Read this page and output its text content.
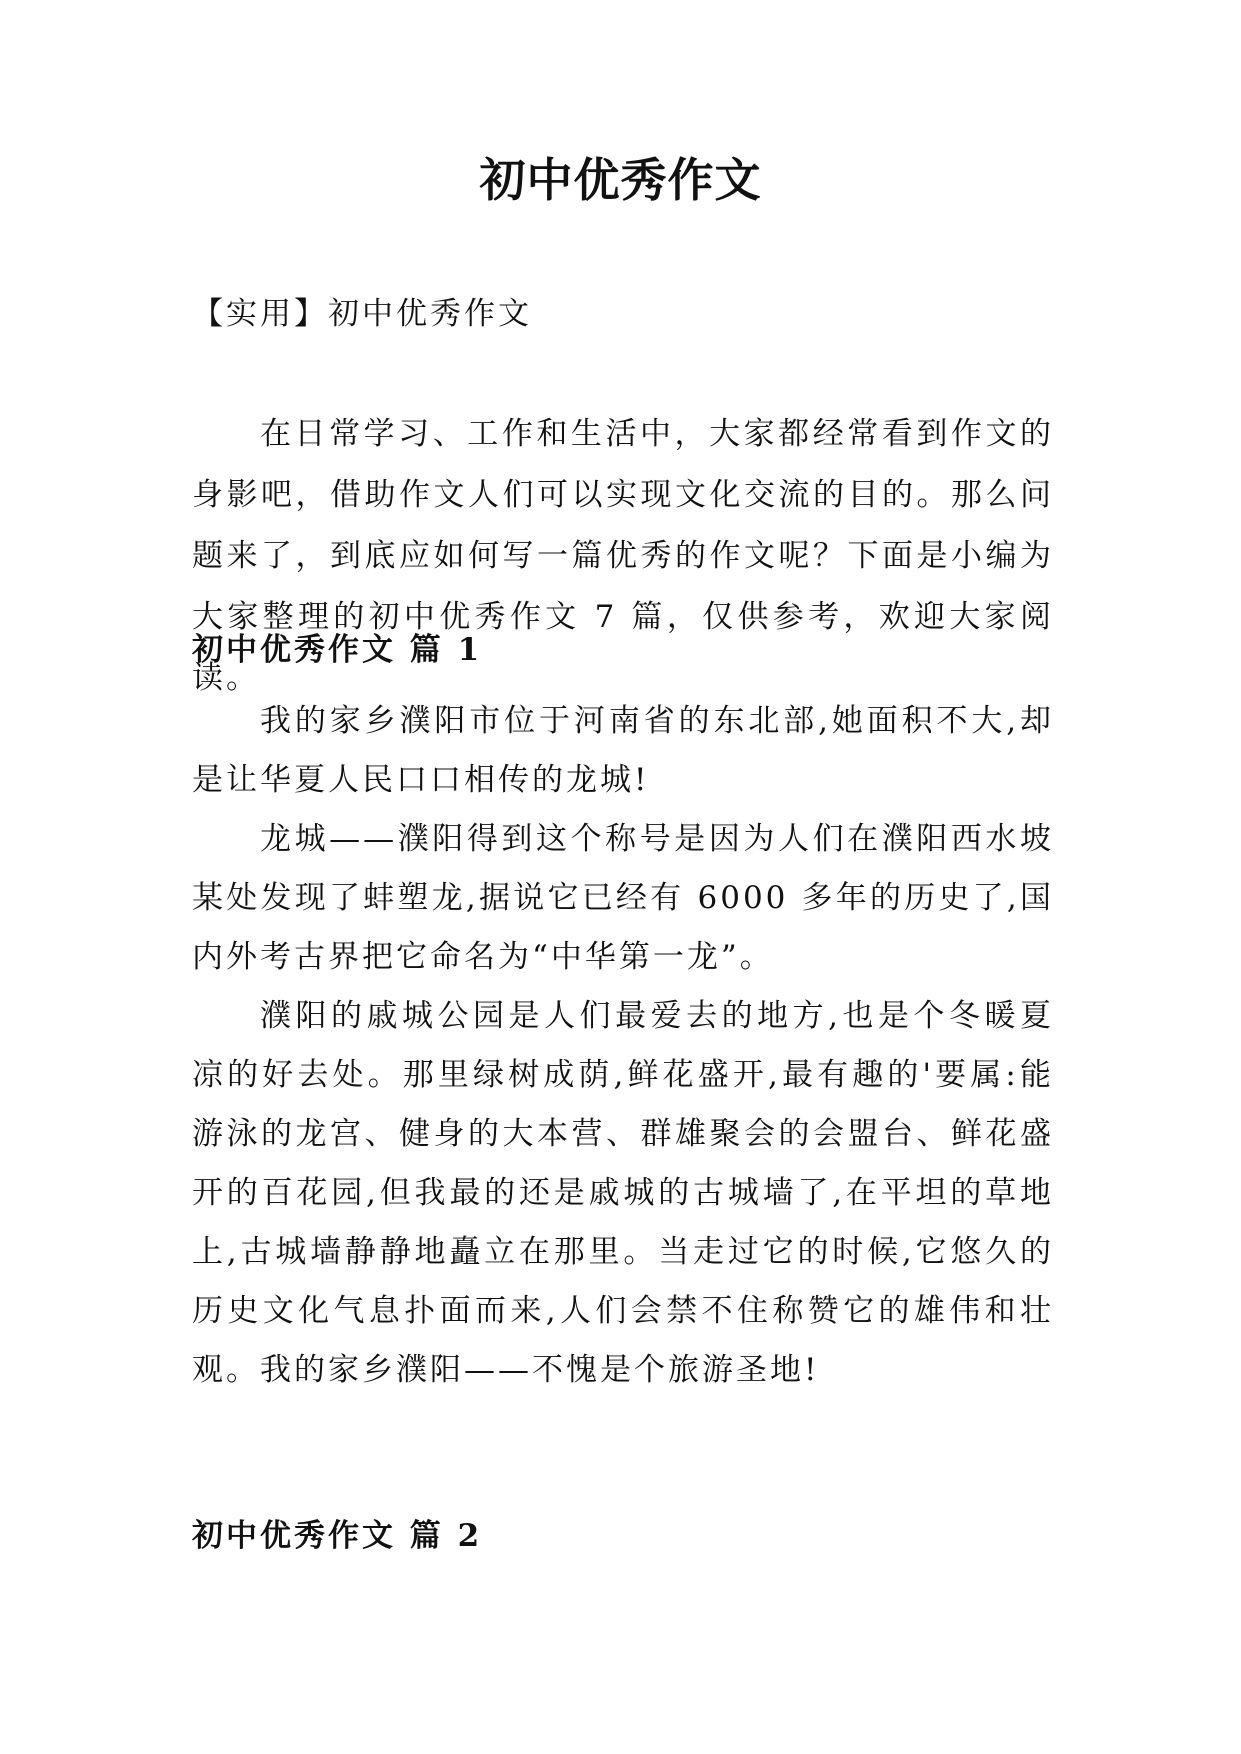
初中优秀作文

【实用】初中优秀作文

在日常学习、工作和生活中，大家都经常看到作文的身影吧，借助作文人们可以实现文化交流的目的。那么问题来了，到底应如何写一篇优秀的作文呢？下面是小编为大家整理的初中优秀作文 7 篇，仅供参考，欢迎大家阅读。

初中优秀作文 篇 1

我的家乡濮阳市位于河南省的东北部,她面积不大,却是让华夏人民口口相传的龙城!

龙城——濮阳得到这个称号是因为人们在濮阳西水坡某处发现了蚌塑龙,据说它已经有 6000 多年的历史了,国内外考古界把它命名为“中华第一龙”。

濮阳的戚城公园是人们最爱去的地方,也是个冬暖夏凉的好去处。那里绿树成荫,鲜花盛开,最有趣的'要属:能游泳的龙宫、健身的大本营、群雄聚会的会盟台、鲜花盛开的百花园,但我最的还是戚城的古城墙了,在平坦的草地上,古城墙静静地矗立在那里。当走过它的时候,它悠久的历史文化气息扑面而来,人们会禁不住称赞它的雄伟和壮观。 我的家乡濮阳——不愧是个旅游圣地!

初中优秀作文 篇 2
